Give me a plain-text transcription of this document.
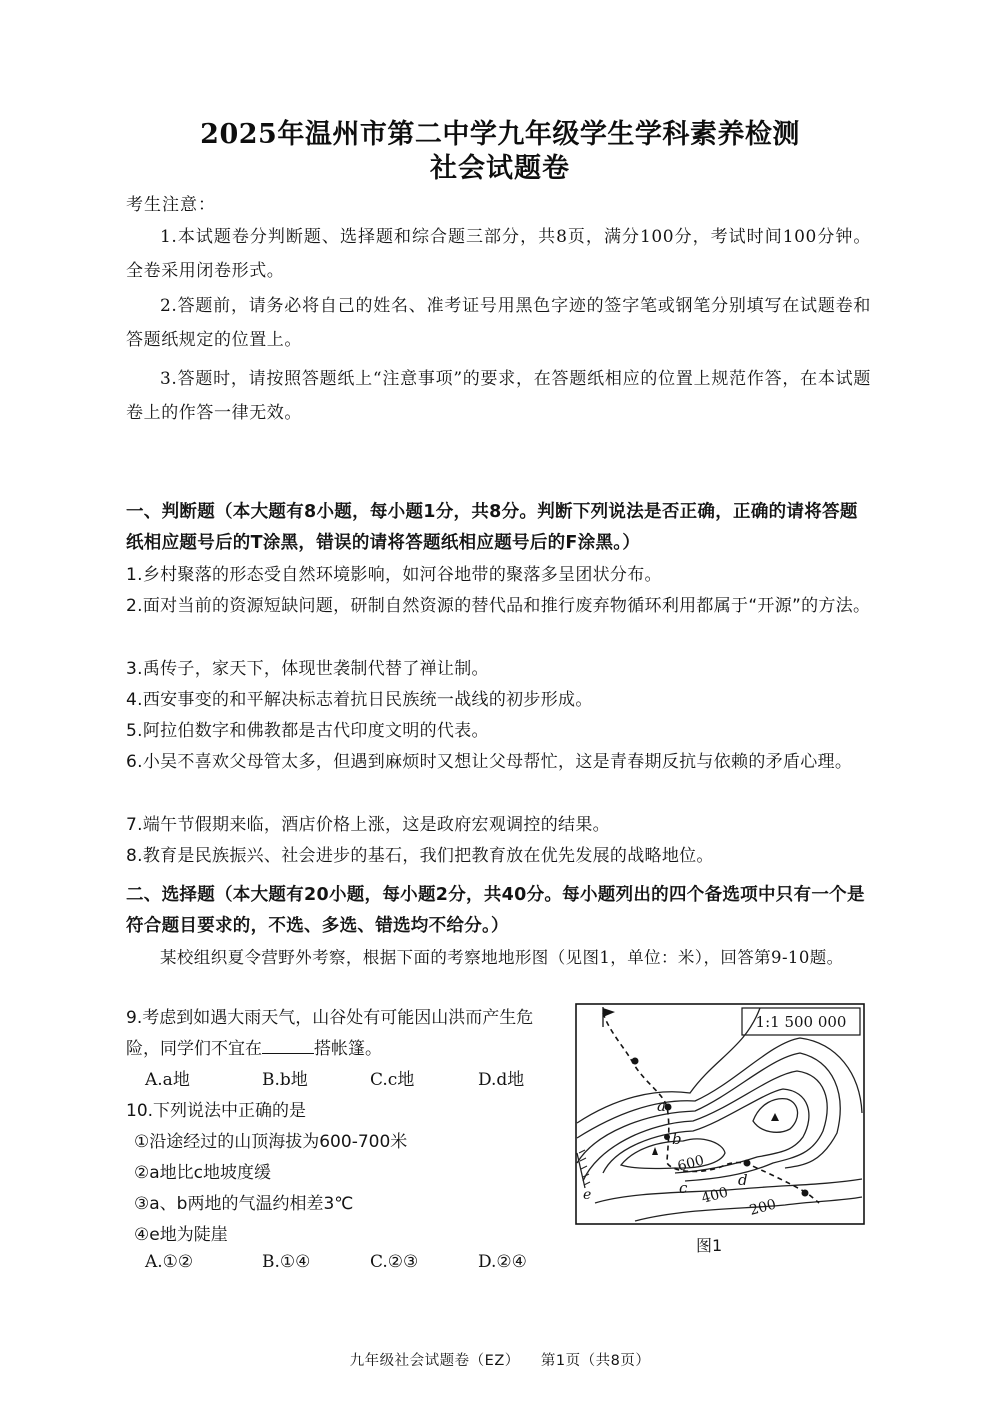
2025年温州市第二中学九年级学生学科素养检测
社会试题卷
考生注意：
1.本试题卷分判断题、选择题和综合题三部分，共8页，满分100分，考试时间100分钟。全卷采用闭卷形式。
2.答题前，请务必将自己的姓名、准考证号用黑色字迹的签字笔或钢笔分别填写在试题卷和答题纸规定的位置上。
3.答题时，请按照答题纸上“注意事项”的要求，在答题纸相应的位置上规范作答，在本试题卷上的作答一律无效。
一、判断题（本大题有8小题，每小题1分，共8分。判断下列说法是否正确，正确的请将答题纸相应题号后的T涂黑，错误的请将答题纸相应题号后的F涂黑。）
1.乡村聚落的形态受自然环境影响，如河谷地带的聚落多呈团状分布。
2.面对当前的资源短缺问题，研制自然资源的替代品和推行废弃物循环利用都属于“开源”的方法。
3.禹传子，家天下，体现世袭制代替了禅让制。
4.西安事变的和平解决标志着抗日民族统一战线的初步形成。
5.阿拉伯数字和佛教都是古代印度文明的代表。
6.小吴不喜欢父母管太多，但遇到麻烦时又想让父母帮忙，这是青春期反抗与依赖的矛盾心理。
7.端午节假期来临，酒店价格上涨，这是政府宏观调控的结果。
8.教育是民族振兴、社会进步的基石，我们把教育放在优先发展的战略地位。
二、选择题（本大题有20小题，每小题2分，共40分。每小题列出的四个备选项中只有一个是符合题目要求的，不选、多选、错选均不给分。）
某校组织夏令营野外考察，根据下面的考察地地形图（见图1，单位：米），回答第9-10题。
9.考虑到如遇大雨天气，山谷处有可能因山洪而产生危险，同学们不宜在	搭帐篷。
A.a地	B.b地	C.c地	D.d地
10.下列说法中正确的是
①沿途经过的山顶海拔为600-700米
②a地比c地坡度缓
③a、b两地的气温约相差3℃
④e地为陡崖
A.①②	B.①④	C.②③	D.②④
1:1 500 000
a
b
c	d
e
600
400
200
图1
九年级社会试题卷（EZ） 第1页（共8页）
